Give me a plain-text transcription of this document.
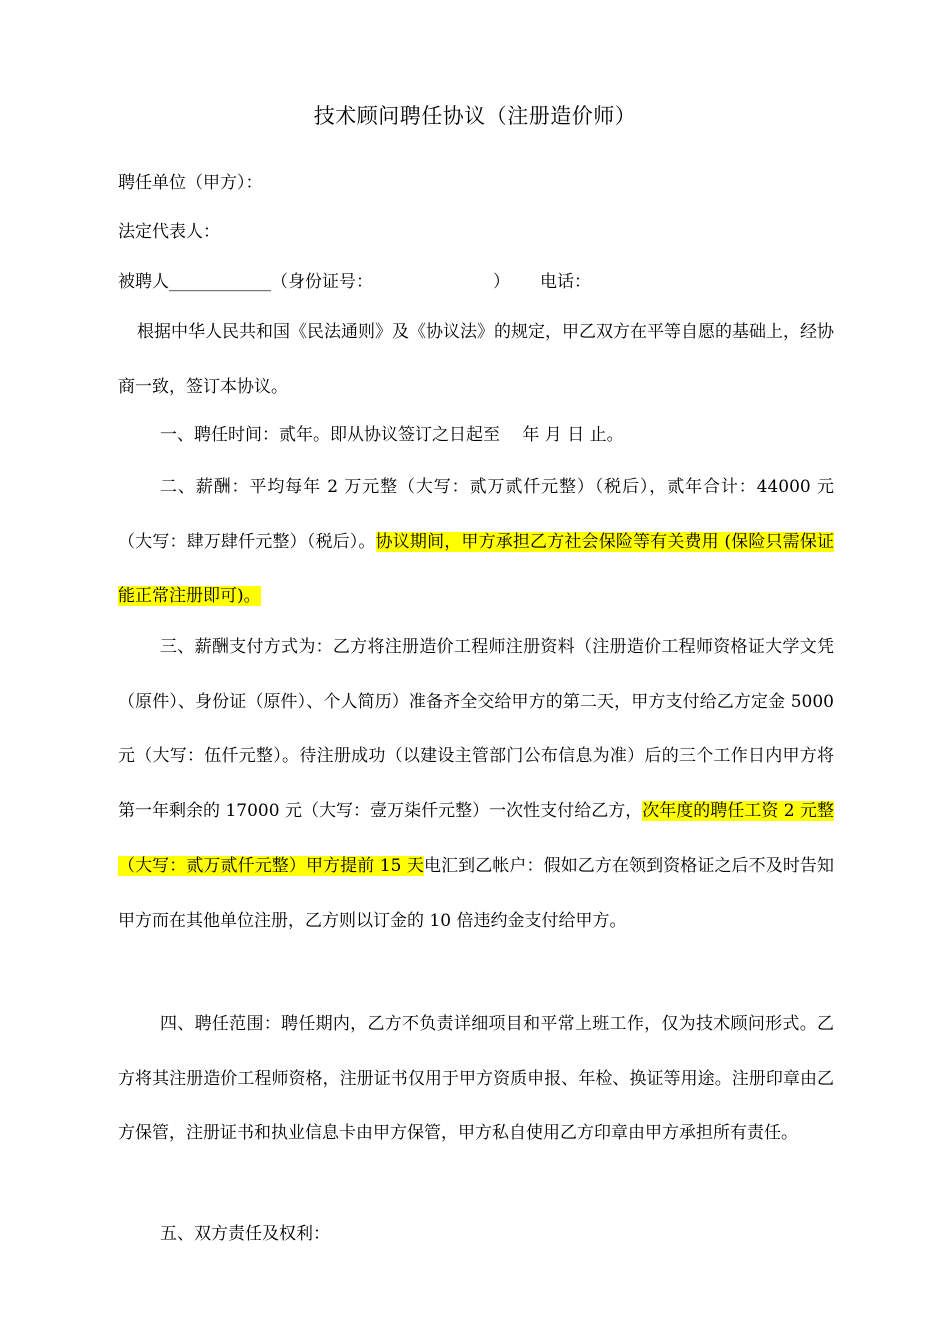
技术顾问聘任协议（注册造价师）
聘任单位（甲方）：
法定代表人：
被聘人____________（身份证号：	） 电话：
根据中华人民共和国《民法通则》及《协议法》的规定，甲乙双方在平等自愿的基础上，经协商一致，签订本协议。
一、聘任时间：贰年。即从协议签订之日起至　 年 月 日 止。
二、薪酬：平均每年 2 万元整（大写：贰万贰仟元整）（税后），贰年合计：44000 元（大写：肆万肆仟元整）（税后）。协议期间，甲方承担乙方社会保险等有关费用 (保险只需保证能正常注册即可)。
三、薪酬支付方式为：乙方将注册造价工程师注册资料（注册造价工程师资格证大学文凭（原件）、身份证（原件）、个人简历）准备齐全交给甲方的第二天，甲方支付给乙方定金 5000 元（大写：伍仟元整）。待注册成功（以建设主管部门公布信息为准）后的三个工作日内甲方将第一年剩余的 17000 元（大写：壹万柒仟元整）一次性支付给乙方，次年度的聘任工资 2 元整（大写：贰万贰仟元整）甲方提前 15 天电汇到乙帐户：假如乙方在领到资格证之后不及时告知甲方而在其他单位注册，乙方则以订金的 10 倍违约金支付给甲方。
四、聘任范围：聘任期内，乙方不负责详细项目和平常上班工作，仅为技术顾问形式。乙方将其注册造价工程师资格，注册证书仅用于甲方资质申报、年检、换证等用途。注册印章由乙方保管，注册证书和执业信息卡由甲方保管，甲方私自使用乙方印章由甲方承担所有责任。
五、双方责任及权利：
